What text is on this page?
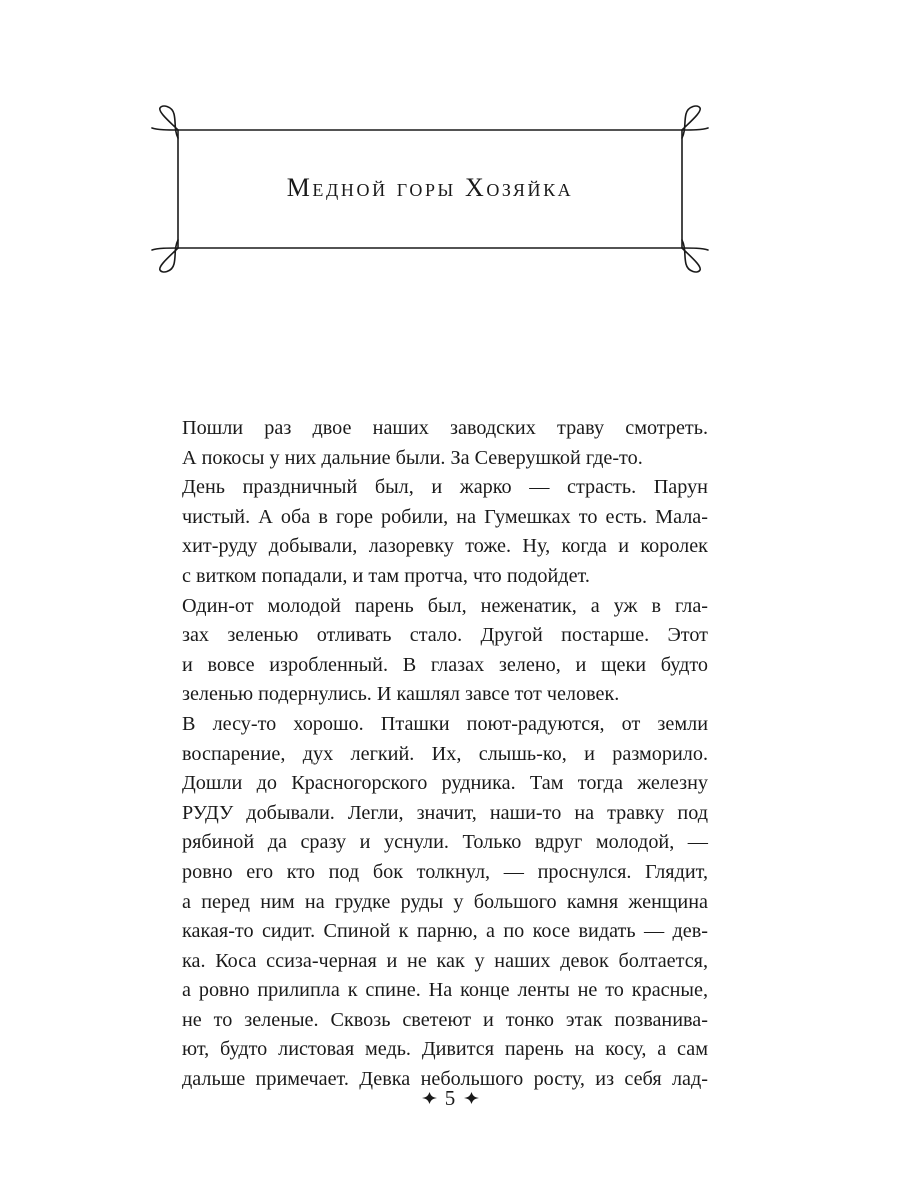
Медной горы Хозяйка

Пошли раз двое наших заводских траву смотреть.
А покосы у них дальние были. За Северушкой где-то.

День праздничный был, и жарко — страсть. Парун
чистый. А оба в горе робили, на Гумешках то есть. Мала-
хит-руду добывали, лазоревку тоже. Ну, когда и королек
с витком попадали, и там протча, что подойдет.

Один-от молодой парень был, неженатик, а уж в гла-
зах зеленью отливать стало. Другой постарше. Этот
и вовсе изробленный. В глазах зелено, и щеки будто
зеленью подернулись. И кашлял завсе тот человек.

В лесу-то хорошо. Пташки поют-радуются, от земли
воспарение, дух легкий. Их, слышь-ко, и разморило.
Дошли до Красногорского рудника. Там тогда железну
РУДУ добывали. Легли, значит, наши-то на травку под
рябиной да сразу и уснули. Только вдруг молодой, —
ровно его кто под бок толкнул, — проснулся. Глядит,
а перед ним на грудке руды у большого камня женщина
какая-то сидит. Спиной к парню, а по косе видать — дев-
ка. Коса ссиза-черная и не как у наших девок болтается,
а ровно прилипла к спине. На конце ленты не то красные,
не то зеленые. Сквозь светеют и тонко этак позванива-
ют, будто листовая медь. Дивится парень на косу, а сам
дальше примечает. Девка небольшого росту, из себя лад-

5
